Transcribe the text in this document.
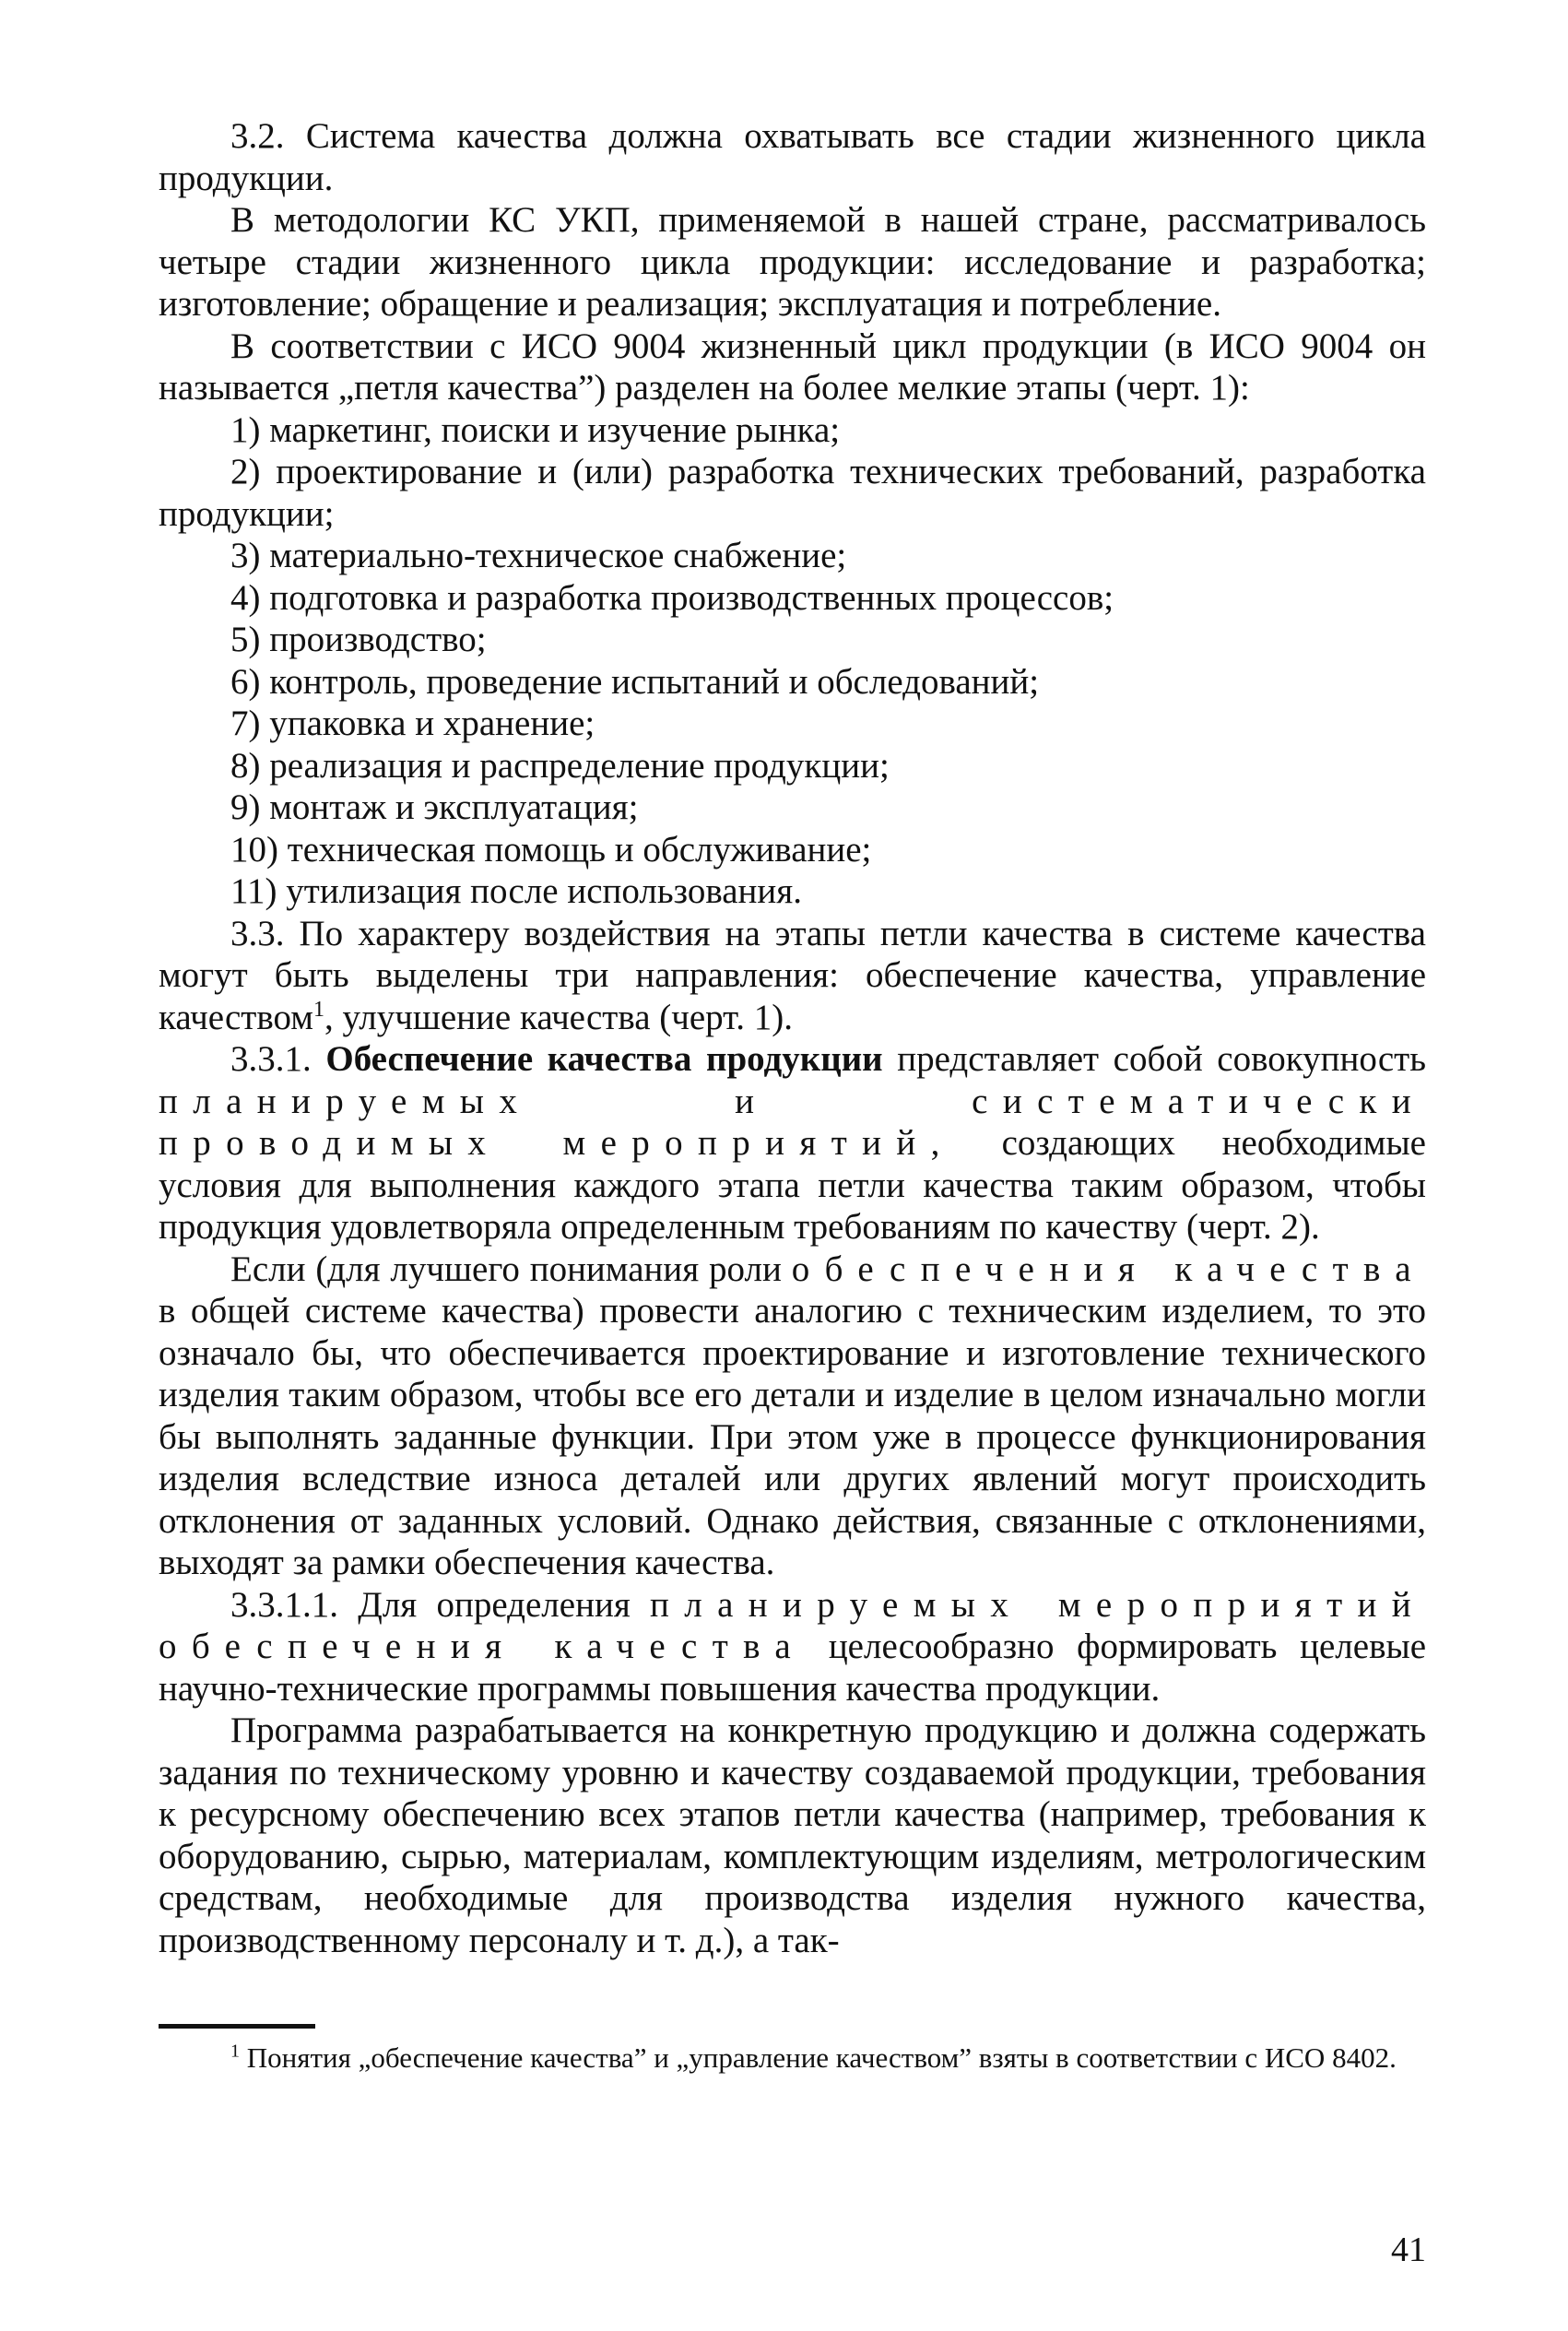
3.2. Система качества должна охватывать все стадии жизненного цикла продукции.

В методологии КС УКП, применяемой в нашей стране, рассматривалось четыре стадии жизненного цикла продукции: исследование и разработка; изготовление; обращение и реализация; эксплуатация и потребление.

В соответствии с ИСО 9004 жизненный цикл продукции (в ИСО 9004 он называется „петля качества”) разделен на более мелкие этапы (черт. 1):

1) маркетинг, поиски и изучение рынка;

2) проектирование и (или) разработка технических требований, разработка продукции;

3) материально-техническое снабжение;

4) подготовка и разработка производственных процессов;

5) производство;

6) контроль, проведение испытаний и обследований;

7) упаковка и хранение;

8) реализация и распределение продукции;

9) монтаж и эксплуатация;

10) техническая помощь и обслуживание;

11) утилизация после использования.

3.3. По характеру воздействия на этапы петли качества в системе качества могут быть выделены три направления: обеспечение качества, управление качеством$^1$, улучшение качества (черт. 1).

3.3.1. Обеспечение качества продукции представляет собой совокупность планируемых и систематически проводимых мероприятий, создающих необходимые условия для выполнения каждого этапа петли качества таким образом, чтобы продукция удовлетворяла определенным требованиям по качеству (черт. 2).

Если (для лучшего понимания роли обеспечения качества в общей системе качества) провести аналогию с техническим изделием, то это означало бы, что обеспечивается проектирование и изготовление технического изделия таким образом, чтобы все его детали и изделие в целом изначально могли бы выполнять заданные функции. При этом уже в процессе функционирования изделия вследствие износа деталей или других явлений могут происходить отклонения от заданных условий. Однако действия, связанные с отклонениями, выходят за рамки обеспечения качества.

3.3.1.1. Для определения планируемых мероприятий обеспечения качества целесообразно формировать целевые научно-технические программы повышения качества продукции.

Программа разрабатывается на конкретную продукцию и должна содержать задания по техническому уровню и качеству создаваемой продукции, требования к ресурсному обеспечению всех этапов петли качества (например, требования к оборудованию, сырью, материалам, комплектующим изделиям, метрологическим средствам, необходимые для производства изделия нужного качества, производственному персоналу и т. д.), а так-

$^1$ Понятия „обеспечение качества” и „управление качеством” взяты в соответствии с ИСО 8402.
41
